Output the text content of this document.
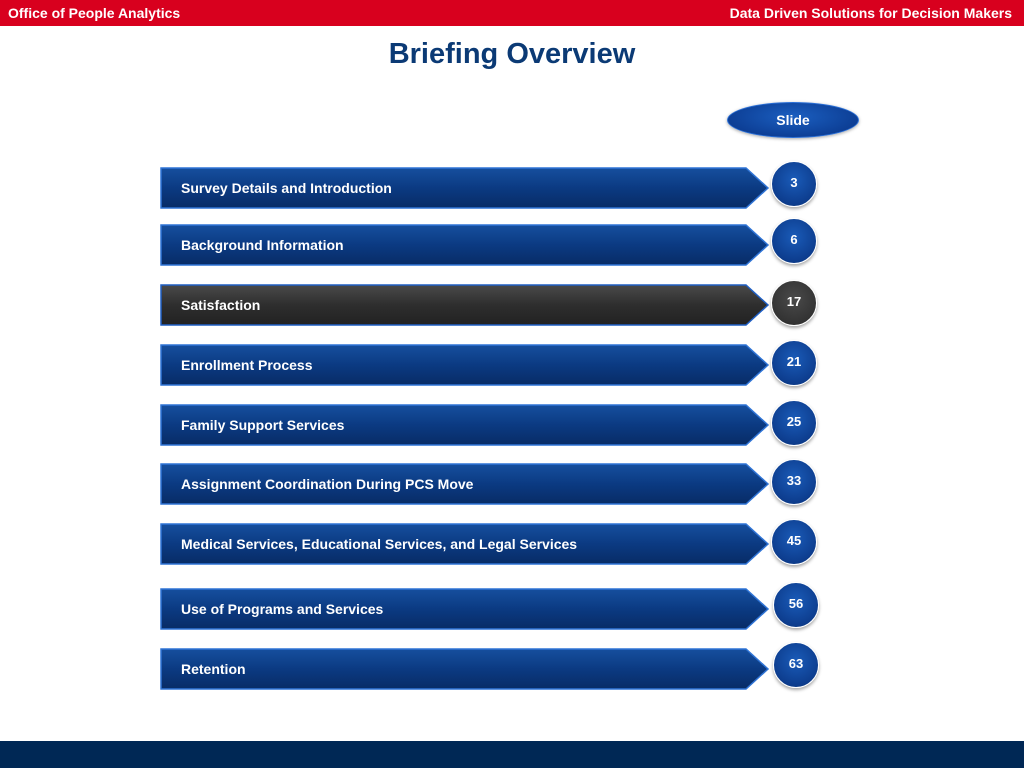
Office of People Analytics	Data Driven Solutions for Decision Makers
Briefing Overview
Slide
Survey Details and Introduction	3
Background Information	6
Satisfaction	17
Enrollment Process	21
Family Support Services	25
Assignment Coordination During PCS Move	33
Medical Services, Educational Services, and Legal Services	45
Use of Programs and Services	56
Retention	63
